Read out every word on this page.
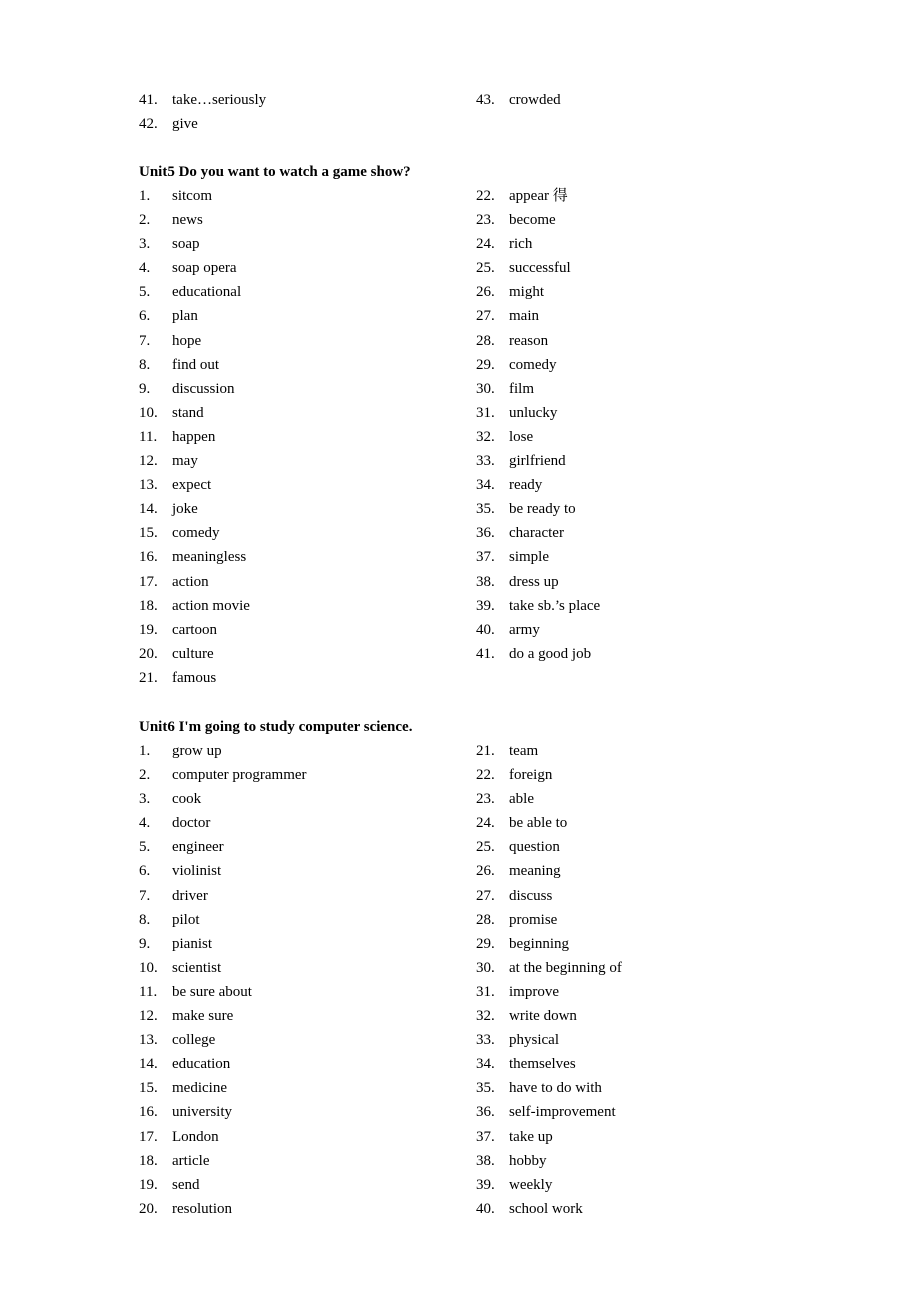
41. take…seriously
42. give
43. crowded
Unit5 Do you want to watch a game show?
1. sitcom
2. news
3. soap
4. soap opera
5. educational
6. plan
7. hope
8. find out
9. discussion
10. stand
11. happen
12. may
13. expect
14. joke
15. comedy
16. meaningless
17. action
18. action movie
19. cartoon
20. culture
21. famous
22. appear 得
23. become
24. rich
25. successful
26. might
27. main
28. reason
29. comedy
30. film
31. unlucky
32. lose
33. girlfriend
34. ready
35. be ready to
36. character
37. simple
38. dress up
39. take sb.’s place
40. army
41. do a good job
Unit6 I'm going to study computer science.
1. grow up
2. computer programmer
3. cook
4. doctor
5. engineer
6. violinist
7. driver
8. pilot
9. pianist
10. scientist
11. be sure about
12. make sure
13. college
14. education
15. medicine
16. university
17. London
18. article
19. send
20. resolution
21. team
22. foreign
23. able
24. be able to
25. question
26. meaning
27. discuss
28. promise
29. beginning
30. at the beginning of
31. improve
32. write down
33. physical
34. themselves
35. have to do with
36. self-improvement
37. take up
38. hobby
39. weekly
40. school work
